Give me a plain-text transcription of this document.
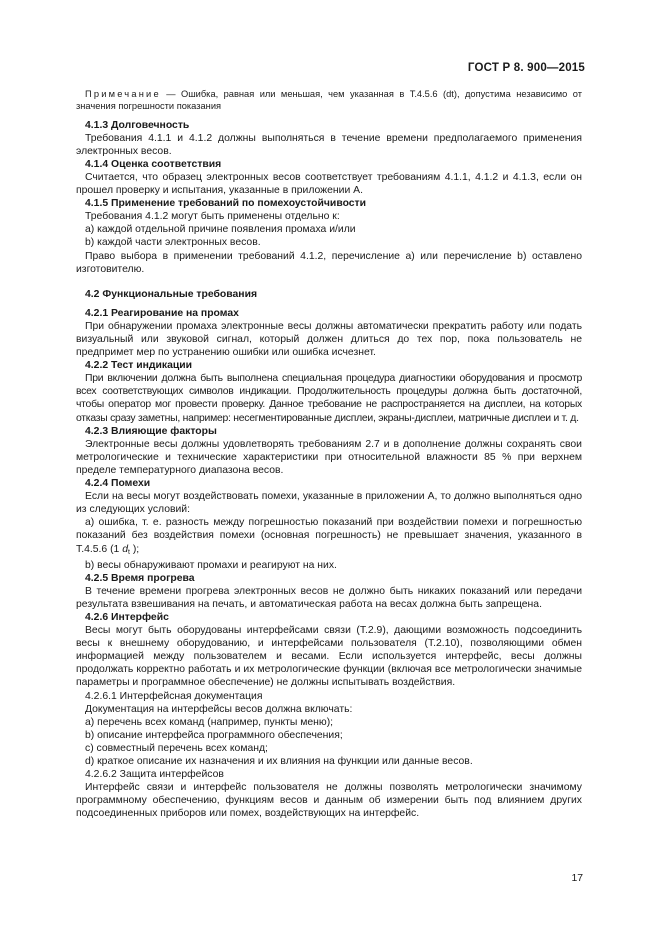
ГОСТ Р 8. 900—2015

Примечание — Ошибка, равная или меньшая, чем указанная в Т.4.5.6 (dt), допустима независимо от значения погрешности показания

4.1.3 Долговечность

Требования 4.1.1 и 4.1.2 должны выполняться в течение времени предполагаемого применения электронных весов.

4.1.4 Оценка соответствия

Считается, что образец электронных весов соответствует требованиям 4.1.1, 4.1.2 и 4.1.3, если он прошел проверку и испытания, указанные в приложении А.

4.1.5 Применение требований по помехоустойчивости

Требования 4.1.2 могут быть применены отдельно к:

а) каждой отдельной причине появления промаха и/или

b) каждой части электронных весов.

Право выбора в применении требований 4.1.2, перечисление а) или перечисление b) оставлено изготовителю.

4.2 Функциональные требования

4.2.1 Реагирование на промах

При обнаружении промаха электронные весы должны автоматически прекратить работу или подать визуальный или звуковой сигнал, который должен длиться до тех пор, пока пользователь не предпримет мер по устранению ошибки или ошибка исчезнет.

4.2.2 Тест индикации

При включении должна быть выполнена специальная процедура диагностики оборудования и просмотр всех соответствующих символов индикации. Продолжительность процедуры должна быть достаточной, чтобы оператор мог провести проверку. Данное требование не распространяется на дисплеи, на которых отказы сразу заметны, например: несегментированные дисплеи, экраны-дисплеи, матричные дисплеи и т. д.

4.2.3 Влияющие факторы

Электронные весы должны удовлетворять требованиям 2.7 и в дополнение должны сохранять свои метрологические и технические характеристики при относительной влажности 85 % при верхнем пределе температурного диапазона весов.

4.2.4 Помехи

Если на весы могут воздействовать помехи, указанные в приложении А, то должно выполняться одно из следующих условий:

а) ошибка, т. е. разность между погрешностью показаний при воздействии помехи и погрешностью показаний без воздействия помехи (основная погрешность) не превышает значения, указанного в Т.4.5.6 (1 $d_t$ );

b) весы обнаруживают промахи и реагируют на них.

4.2.5 Время прогрева

В течение времени прогрева электронных весов не должно быть никаких показаний или передачи результата взвешивания на печать, и автоматическая работа на весах должна быть запрещена.

4.2.6 Интерфейс

Весы могут быть оборудованы интерфейсами связи (Т.2.9), дающими возможность подсоединить весы к внешнему оборудованию, и интерфейсами пользователя (Т.2.10), позволяющими обмен информацией между пользователем и весами. Если используется интерфейс, весы должны продолжать корректно работать и их метрологические функции (включая все метрологически значимые параметры и программное обеспечение) не должны испытывать воздействия.

4.2.6.1 Интерфейсная документация

Документация на интерфейсы весов должна включать:

а) перечень всех команд (например, пункты меню);

b) описание интерфейса программного обеспечения;

c) совместный перечень всех команд;

d) краткое описание их назначения и их влияния на функции или данные весов.

4.2.6.2 Защита интерфейсов

Интерфейс связи и интерфейс пользователя не должны позволять метрологически значимому программному обеспечению, функциям весов и данным об измерении быть под влиянием других подсоединенных приборов или помех, воздействующих на интерфейс.

17
